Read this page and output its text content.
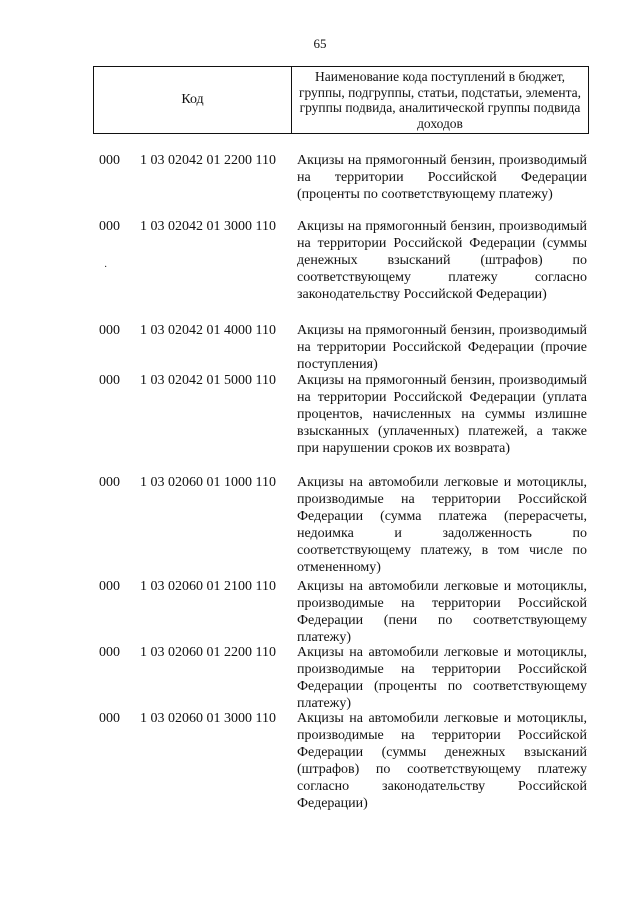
65
Код
Наименование кода поступлений в бюджет, группы, подгруппы, статьи, подстатьи, элемента, группы подвида, аналитической группы подвида доходов
·
000 1 03 02042 01 2200 110 Акцизы на прямогонный бензин, производимый на территории Российской Федерации (проценты по соответствующему платежу)
000 1 03 02042 01 3000 110 Акцизы на прямогонный бензин, производимый на территории Российской Федерации (суммы денежных взысканий (штрафов) по соответствующему платежу согласно законодательству Российской Федерации)
000 1 03 02042 01 4000 110 Акцизы на прямогонный бензин, производимый на территории Российской Федерации (прочие поступления)
000 1 03 02042 01 5000 110 Акцизы на прямогонный бензин, производимый на территории Российской Федерации (уплата процентов, начисленных на суммы излишне взысканных (уплаченных) платежей, а также при нарушении сроков их возврата)
000 1 03 02060 01 1000 110 Акцизы на автомобили легковые и мотоциклы, производимые на территории Российской Федерации (сумма платежа (перерасчеты, недоимка и задолженность по соответствующему платежу, в том числе по отмененному)
000 1 03 02060 01 2100 110 Акцизы на автомобили легковые и мотоциклы, производимые на территории Российской Федерации (пени по соответствующему платежу)
000 1 03 02060 01 2200 110 Акцизы на автомобили легковые и мотоциклы, производимые на территории Российской Федерации (проценты по соответствующему платежу)
000 1 03 02060 01 3000 110 Акцизы на автомобили легковые и мотоциклы, производимые на территории Российской Федерации (суммы денежных взысканий (штрафов) по соответствующему платежу согласно законодательству Российской Федерации)
